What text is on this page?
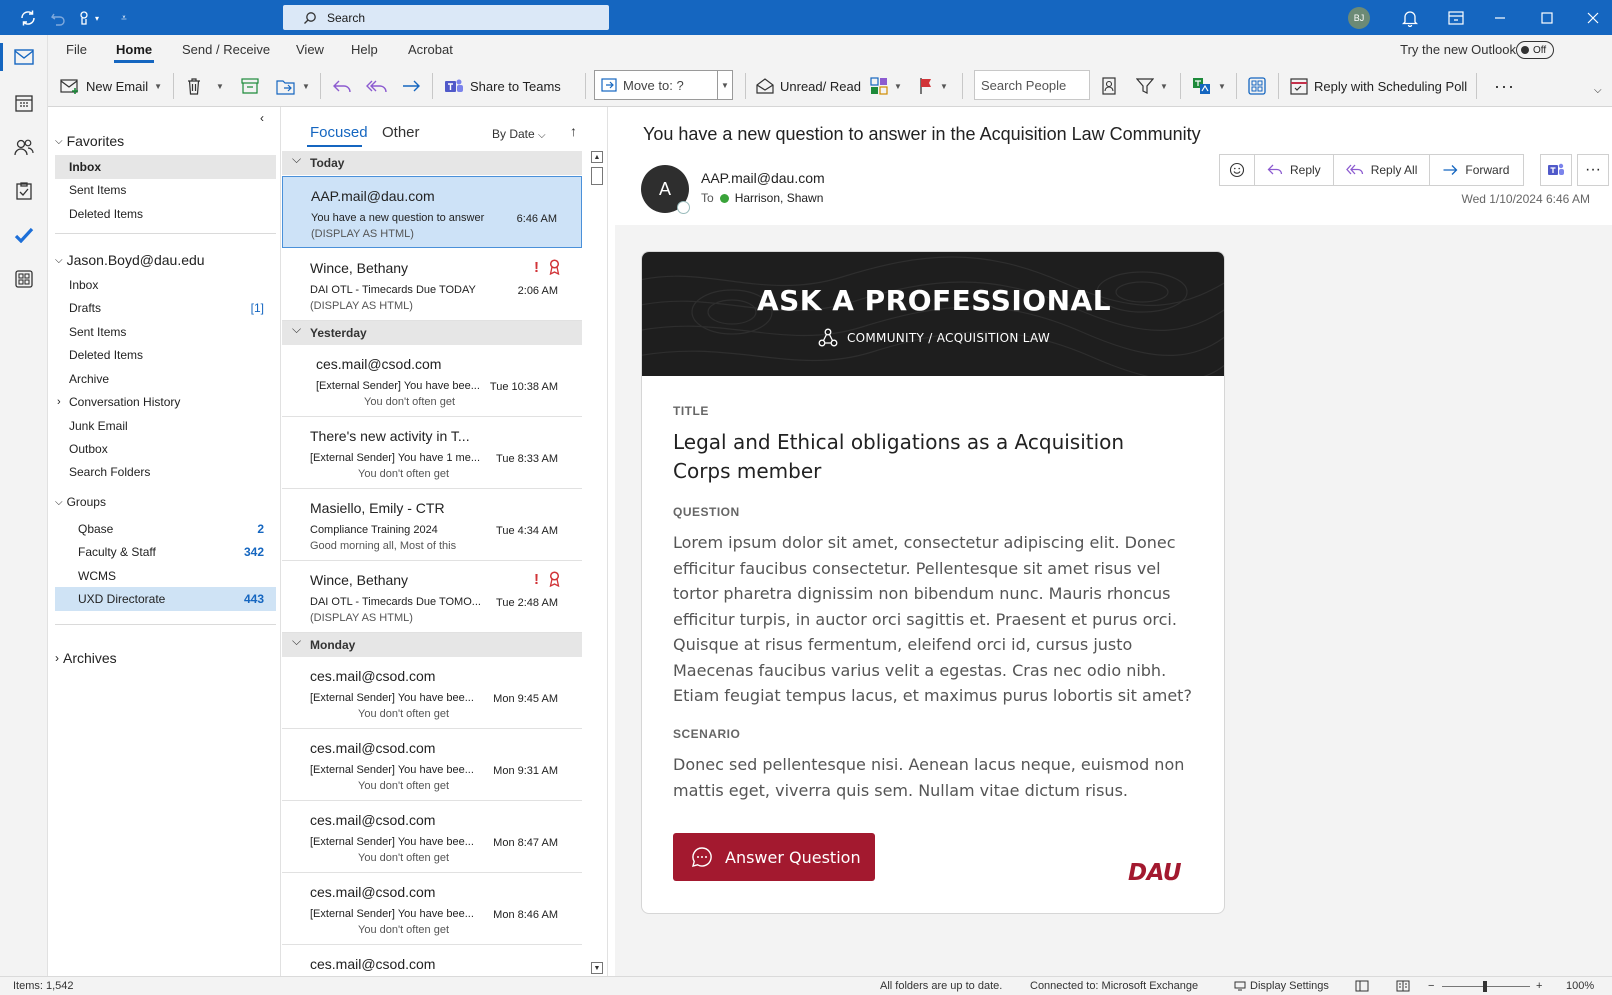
▾ ⩡	Search	BJ
File Home Send / Receive View Help Acrobat	Try the new Outlook Off
New Email ▼	▼	▼	Share to Teams	Move to: ?	▼	Unread/ Read	▼	▼	Search People	▼	▼	Reply with Scheduling Poll ···	⌵
‹
⌵ Favorites
Inbox
Sent Items
Deleted Items
⌵ Jason.Boyd@dau.edu
Inbox
Drafts	[1]
Sent Items
Deleted Items
Archive
› Conversation History
Junk Email
Outbox
Search Folders
⌵ Groups
Qbase	2
Faculty & Staff	342
WCMS
UXD Directorate	443
› Archives
Focused Other	By Date ⌵ ↑
⌵ Today
AAP.mail@dau.com
You have a new question to answer
(DISPLAY AS HTML)
6:46 AM
Wince, Bethany
DAI OTL - Timecards Due TODAY
(DISPLAY AS HTML)
2:06 AM
!
⌵ Yesterday
ces.mail@csod.com
[External Sender] You have bee...
You don't often get
Tue 10:38 AM
There's new activity in T...
[External Sender] You have 1 me...
You don't often get
Tue 8:33 AM
Masiello, Emily - CTR
Compliance Training 2024
Good morning all, Most of this
Tue 4:34 AM
Wince, Bethany
DAI OTL - Timecards Due TOMO...
(DISPLAY AS HTML)
Tue 2:48 AM
!
⌵ Monday
ces.mail@csod.com
[External Sender] You have bee...
You don't often get
Mon 9:45 AM
ces.mail@csod.com
[External Sender] You have bee...
You don't often get
Mon 9:31 AM
ces.mail@csod.com
[External Sender] You have bee...
You don't often get
Mon 8:47 AM
ces.mail@csod.com
[External Sender] You have bee...
You don't often get
Mon 8:46 AM
ces.mail@csod.com
▲
▼
You have a new question to answer in the Acquisition Law Community
A
AAP.mail@dau.com
To Harrison, Shawn
Reply	Reply All	Forward	···
Wed 1/10/2024 6:46 AM
ASK A PROFESSIONAL
COMMUNITY / ACQUISITION LAW
TITLE
Legal and Ethical obligations as a Acquisition Corps member
QUESTION
Lorem ipsum dolor sit amet, consectetur adipiscing elit. Donec efficitur faucibus consectetur. Pellentesque sit amet risus vel tortor pharetra dignissim non bibendum nunc. Mauris rhoncus efficitur turpis, in auctor orci sagittis et. Praesent et purus orci. Quisque at risus fermentum, eleifend orci id, cursus justo Maecenas faucibus varius velit a egestas. Cras nec odio nibh. Etiam feugiat tempus lacus, et maximus purus lobortis sit amet?
SCENARIO
Donec sed pellentesque nisi. Aenean lacus neque, euismod non mattis eget, viverra quis sem. Nullam vitae dictum risus.
Answer Question
DAU
Items: 1,542	All folders are up to date.	Connected to: Microsoft Exchange	Display Settings	−	+ 100%
